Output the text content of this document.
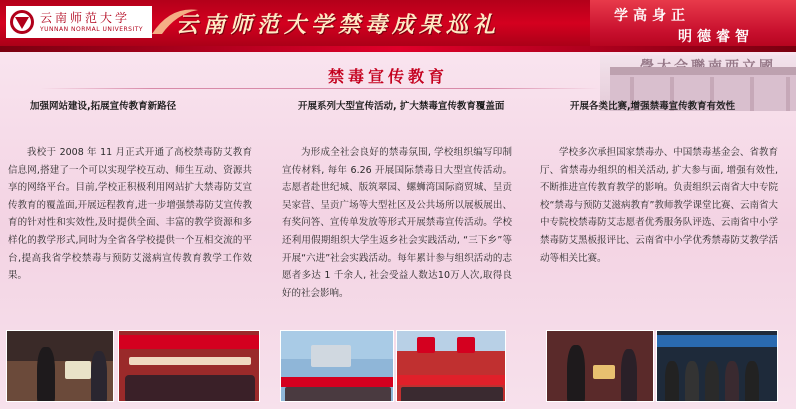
云南师范大学
YUNNAN NORMAL UNIVERSITY 云南师范大学禁毒成果巡礼	学高身正
明德睿智
禁毒宣传教育

加强网站建设,拓展宣传教育新路径

我校于 2008 年 11 月正式开通了高校禁毒防艾教育信息网,搭建了一个可以实现学校互动、师生互动、资源共享的网络平台。目前,学校正积极利用网站扩大禁毒防艾宣传教育的覆盖面,开展远程教育,进一步增强禁毒防艾宣传教育的针对性和实效性,及时提供全面、丰富的教学资源和多样化的教学形式,同时为全省各学校提供一个互相交流的平台,提高我省学校禁毒与预防艾滋病宣传教育教学工作效果。

开展系列大型宣传活动, 扩大禁毒宣传教育覆盖面

为形成全社会良好的禁毒氛围, 学校组织编写印制宣传材料, 每年 6.26 开展国际禁毒日大型宣传活动。志愿者赴世纪城、版筑翠园、螺蛳湾国际商贸城、呈贡吴家营、呈贡广场等大型社区及公共场所以展板展出、有奖问答、宣传单发放等形式开展禁毒宣传活动。学校还利用假期组织大学生返乡社会实践活动, “三下乡”等开展“六进”社会实践活动。每年累计参与组织活动的志愿者多达 1 千余人, 社会受益人数达10万人次,取得良好的社会影响。

开展各类比赛,增强禁毒宣传教育有效性

学校多次承担国家禁毒办、中国禁毒基金会、省教育厅、省禁毒办组织的相关活动, 扩大参与面, 增强有效性,不断推进宣传教育教学的影响。负责组织云南省大中专院校“禁毒与预防艾滋病教育”教师教学课堂比赛、云南省大中专院校禁毒防艾志愿者优秀服务队评选、云南省中小学禁毒防艾黑板报评比、云南省中小学优秀禁毒防艾教学活动等相关比赛。
